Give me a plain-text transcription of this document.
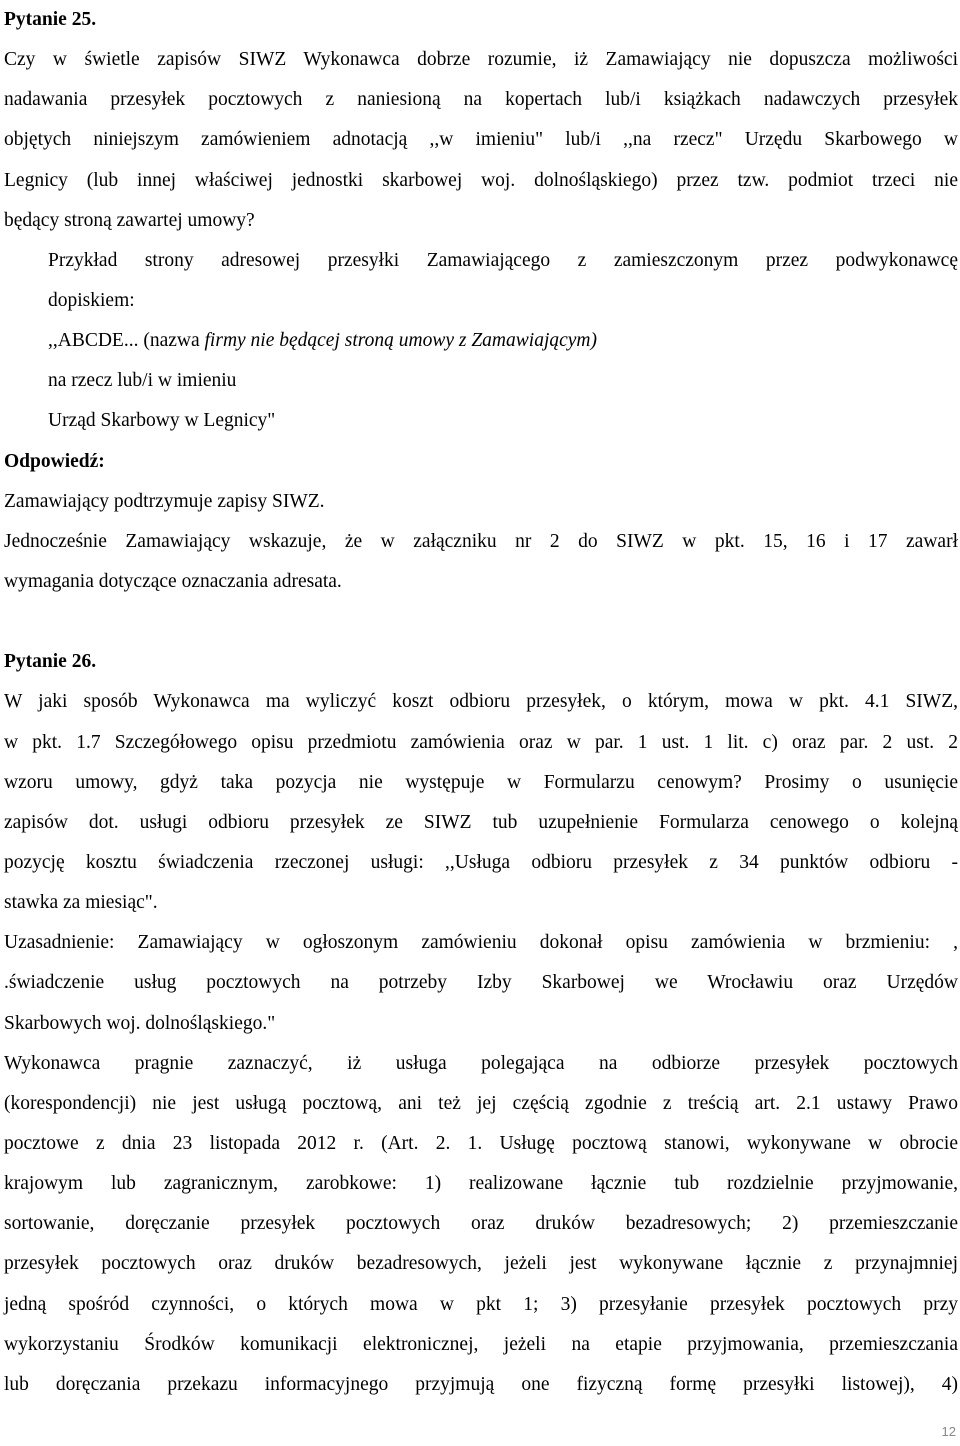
Pytanie 25.
Czy w świetle zapisów SIWZ Wykonawca dobrze rozumie, iż Zamawiający nie dopuszcza możliwości
nadawania przesyłek pocztowych z naniesioną na kopertach lub/i książkach nadawczych przesyłek
objętych niniejszym zamówieniem adnotacją ,,w imieniu" lub/i ,,na rzecz" Urzędu Skarbowego w
Legnicy (lub innej właściwej jednostki skarbowej woj. dolnośląskiego) przez tzw. podmiot trzeci nie
będący stroną zawartej umowy?
Przykład strony adresowej przesyłki Zamawiającego z zamieszczonym przez podwykonawcę
dopiskiem:
,,ABCDE... (nazwa firmy nie będącej stroną umowy z Zamawiającym)
na rzecz lub/i w imieniu
Urząd Skarbowy w Legnicy"
Odpowiedź:
Zamawiający podtrzymuje zapisy SIWZ.
Jednocześnie Zamawiający wskazuje, że w załączniku nr 2 do SIWZ w pkt. 15, 16 i 17 zawarł
wymagania dotyczące oznaczania adresata.
Pytanie 26.
W jaki sposób Wykonawca ma wyliczyć koszt odbioru przesyłek, o którym, mowa w pkt. 4.1 SIWZ,
w pkt. 1.7 Szczegółowego opisu przedmiotu zamówienia oraz w par. 1 ust. 1 lit. c) oraz par. 2 ust. 2
wzoru umowy, gdyż taka pozycja nie występuje w Formularzu cenowym? Prosimy o usunięcie
zapisów dot. usługi odbioru przesyłek ze SIWZ tub uzupełnienie Formularza cenowego o kolejną
pozycję kosztu świadczenia rzeczonej usługi: ,,Usługa odbioru przesyłek z 34 punktów odbioru -
stawka za miesiąc".
Uzasadnienie: Zamawiający w ogłoszonym zamówieniu dokonał opisu zamówienia w brzmieniu: ,
.świadczenie usług pocztowych na potrzeby Izby Skarbowej we Wrocławiu oraz Urzędów
Skarbowych woj. dolnośląskiego."
Wykonawca pragnie zaznaczyć, iż usługa polegająca na odbiorze przesyłek pocztowych
(korespondencji) nie jest usługą pocztową, ani też jej częścią zgodnie z treścią art. 2.1 ustawy Prawo
pocztowe z dnia 23 listopada 2012 r. (Art. 2. 1. Usługę pocztową stanowi, wykonywane w obrocie
krajowym lub zagranicznym, zarobkowe: 1) realizowane łącznie tub rozdzielnie przyjmowanie,
sortowanie, doręczanie przesyłek pocztowych oraz druków bezadresowych; 2) przemieszczanie
przesyłek pocztowych oraz druków bezadresowych, jeżeli jest wykonywane łącznie z przynajmniej
jedną spośród czynności, o których mowa w pkt 1; 3) przesyłanie przesyłek pocztowych przy
wykorzystaniu Środków komunikacji elektronicznej, jeżeli na etapie przyjmowania, przemieszczania
lub doręczania przekazu informacyjnego przyjmują one fizyczną formę przesyłki listowej), 4)
12
